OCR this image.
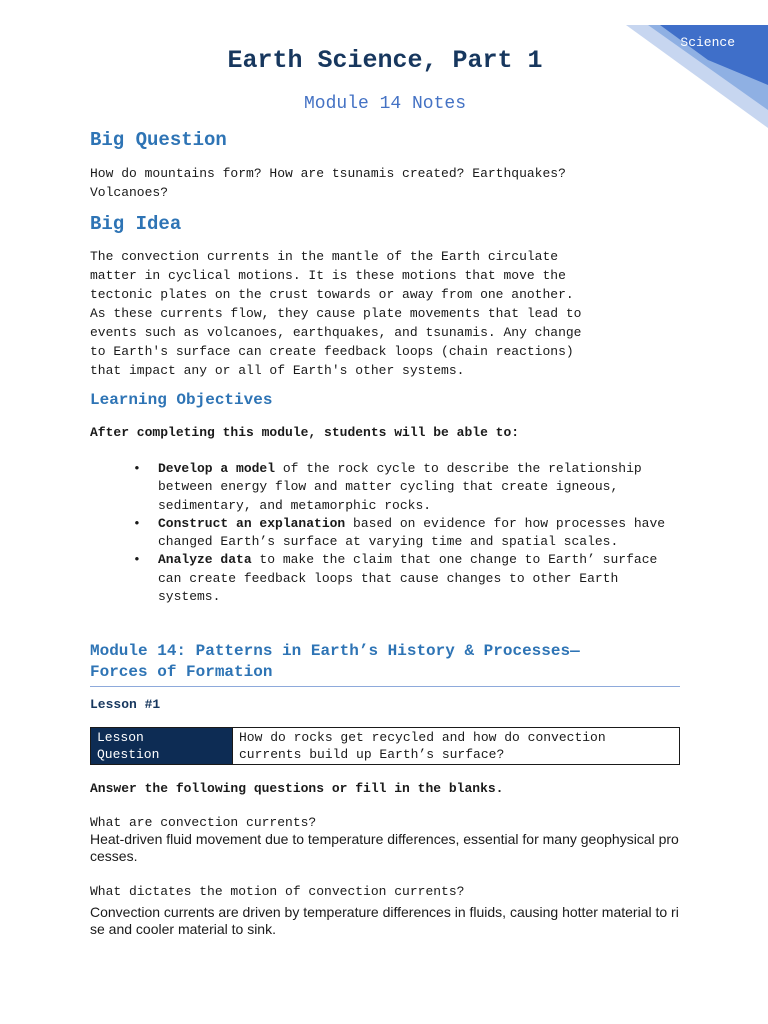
Science
Earth Science, Part 1
Module 14 Notes
Big Question

How do mountains form? How are tsunamis created? Earthquakes?
Volcanoes?

Big Idea

The convection currents in the mantle of the Earth circulate
matter in cyclical motions. It is these motions that move the
tectonic plates on the crust towards or away from one another.
As these currents flow, they cause plate movements that lead to
events such as volcanoes, earthquakes, and tsunamis. Any change
to Earth's surface can create feedback loops (chain reactions)
that impact any or all of Earth's other systems.

Learning Objectives

After completing this module, students will be able to:

• Develop a model of the rock cycle to describe the relationship between energy flow and matter cycling that create igneous, sedimentary, and metamorphic rocks.
• Construct an explanation based on evidence for how processes have changed Earth’s surface at varying time and spatial scales.
• Analyze data to make the claim that one change to Earth’ surface can create feedback loops that cause changes to other Earth systems.
Module 14: Patterns in Earth’s History & Processes—
Forces of Formation

Lesson #1

Lesson
Question
How do rocks get recycled and how do convection currents build up Earth’s surface?

Answer the following questions or fill in the blanks.

What are convection currents?

Heat-driven fluid movement due to temperature differences, essential for many geophysical processes.

What dictates the motion of convection currents?

Convection currents are driven by temperature differences in fluids, causing hotter material to rise and cooler material to sink.
